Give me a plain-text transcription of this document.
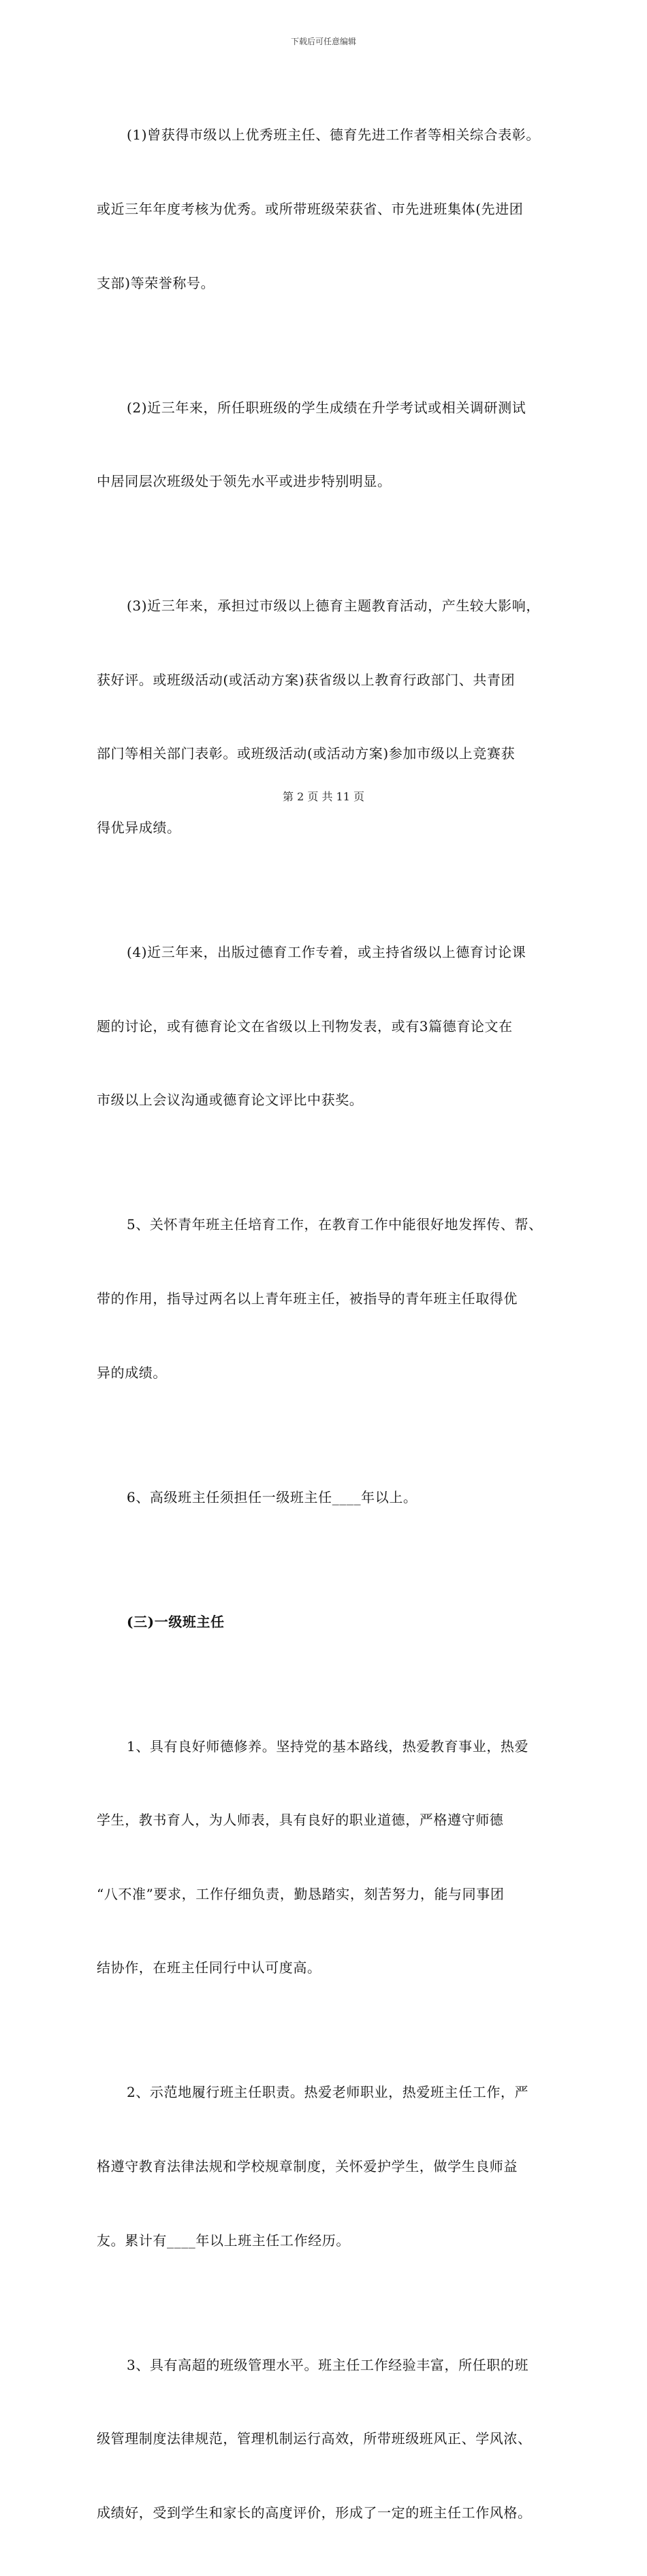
下载后可任意编辑

(1)曾获得市级以上优秀班主任、德育先进工作者等相关综合表彰。

或近三年年度考核为优秀。或所带班级荣获省、市先进班集体(先进团

支部)等荣誉称号。

(2)近三年来，所任职班级的学生成绩在升学考试或相关调研测试

中居同层次班级处于领先水平或进步特别明显。

(3)近三年来，承担过市级以上德育主题教育活动，产生较大影响，

获好评。或班级活动(或活动方案)获省级以上教育行政部门、共青团

部门等相关部门表彰。或班级活动(或活动方案)参加市级以上竞赛获

得优异成绩。

(4)近三年来，出版过德育工作专着，或主持省级以上德育讨论课

题的讨论，或有德育论文在省级以上刊物发表，或有3篇德育论文在

市级以上会议沟通或德育论文评比中获奖。

5、关怀青年班主任培育工作，在教育工作中能很好地发挥传、帮、

带的作用，指导过两名以上青年班主任，被指导的青年班主任取得优

异的成绩。

6、高级班主任须担任一级班主任____年以上。

(三)一级班主任

1、具有良好师德修养。坚持党的基本路线，热爱教育事业，热爱

学生，教书育人，为人师表，具有良好的职业道德，严格遵守师德

“八不准”要求，工作仔细负责，勤恳踏实，刻苦努力，能与同事团

结协作，在班主任同行中认可度高。

2、示范地履行班主任职责。热爱老师职业，热爱班主任工作，严

格遵守教育法律法规和学校规章制度，关怀爱护学生，做学生良师益

友。累计有____年以上班主任工作经历。

3、具有高超的班级管理水平。班主任工作经验丰富，所任职的班

级管理制度法律规范，管理机制运行高效，所带班级班风正、学风浓、

成绩好，受到学生和家长的高度评价，形成了一定的班主任工作风格。

第 2 页 共 11 页
